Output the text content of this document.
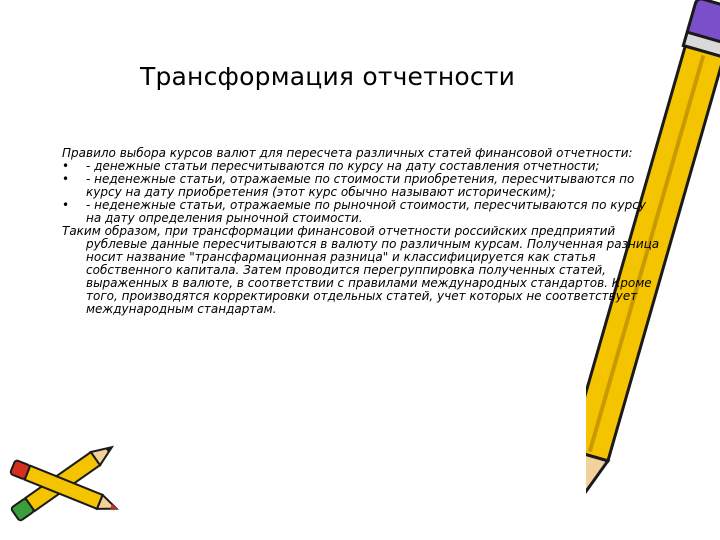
Трансформация отчетности

Правило выбора курсов валют для пересчета различных статей финансовой отчетности:

• - денежные статьи пересчитываются по курсу на дату составления отчетности;
• - неденежные статьи, отражаемые по стоимости приобретения, пересчитываются по курсу на дату приобретения (этот курс обычно называют историческим);
• - неденежные статьи, отражаемые по рыночной стоимости, пересчитываются по курсу на дату определения рыночной стоимости.

Таким образом, при трансформации финансовой отчетности российских предприятий рублевые данные пересчитываются в валюту по различным курсам. Полученная разница носит название "трансфармационная разница" и классифицируется как статья собственного капитала. Затем проводится перегруппировка полученных статей, выраженных в валюте, в соответствии с правилами международных стандартов. Кроме того, производятся корректировки отдельных статей, учет которых не соответствует международным стандартам.
